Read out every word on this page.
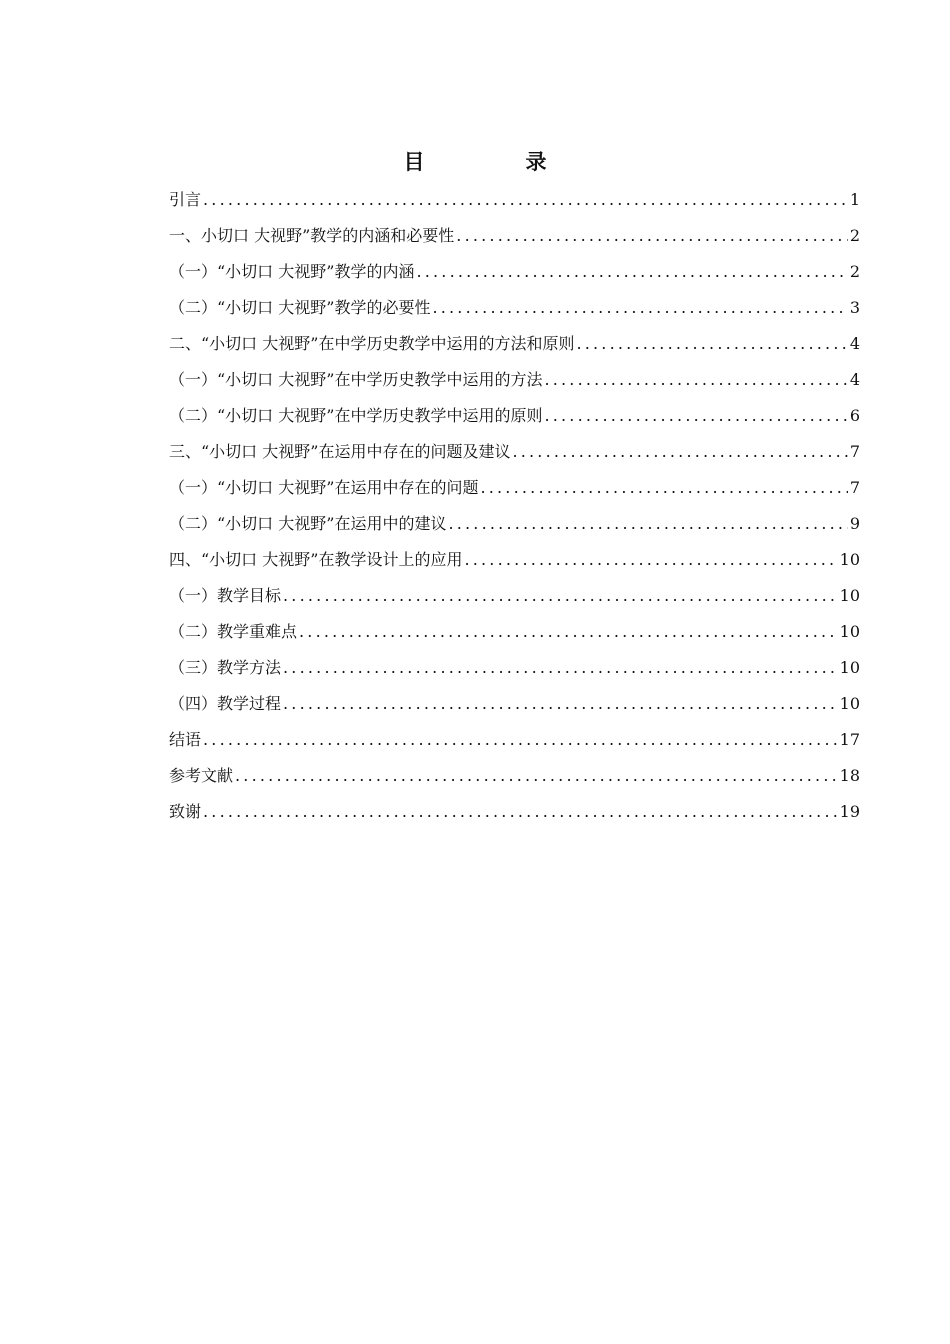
目　录
引言 .....	1
一、小切口 大视野”教学的内涵和必要性 .....	2
（一）“小切口 大视野”教学的内涵 .....	2
（二）“小切口 大视野”教学的必要性 .....	3
二、“小切口 大视野”在中学历史教学中运用的方法和原则 .....	4
（一）“小切口 大视野”在中学历史教学中运用的方法 .....	4
（二）“小切口 大视野”在中学历史教学中运用的原则 .....	6
三、“小切口 大视野”在运用中存在的问题及建议 .....	7
（一）“小切口 大视野”在运用中存在的问题 .....	7
（二）“小切口 大视野”在运用中的建议 .....	9
四、“小切口 大视野”在教学设计上的应用 .....	10
（一）教学目标 .....	10
（二）教学重难点 .....	10
（三）教学方法 .....	10
（四）教学过程 .....	10
结语 .....	17
参考文献 .....	18
致谢 .....	19
